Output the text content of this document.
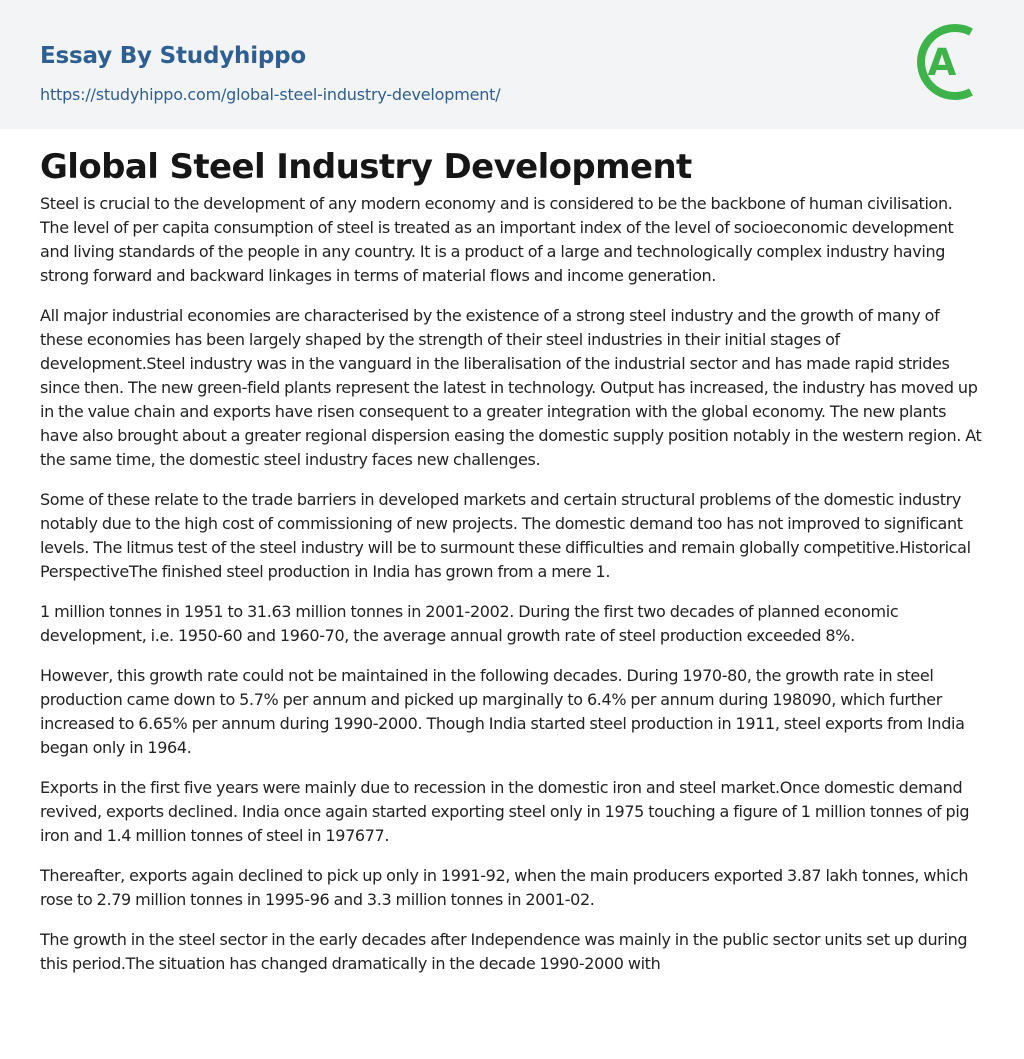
Essay By Studyhippo
https://studyhippo.com/global-steel-industry-development/
A
Global Steel Industry Development

Steel is crucial to the development of any modern economy and is considered to be the backbone of human civilisation. The level of per capita consumption of steel is treated as an important index of the level of socioeconomic development and living standards of the people in any country. It is a product of a large and technologically complex industry having strong forward and backward linkages in terms of material flows and income generation.

All major industrial economies are characterised by the existence of a strong steel industry and the growth of many of these economies has been largely shaped by the strength of their steel industries in their initial stages of development.Steel industry was in the vanguard in the liberalisation of the industrial sector and has made rapid strides since then. The new green-field plants represent the latest in technology. Output has increased, the industry has moved up in the value chain and exports have risen consequent to a greater integration with the global economy. The new plants have also brought about a greater regional dispersion easing the domestic supply position notably in the western region. At the same time, the domestic steel industry faces new challenges.

Some of these relate to the trade barriers in developed markets and certain structural problems of the domestic industry notably due to the high cost of commissioning of new projects. The domestic demand too has not improved to significant levels. The litmus test of the steel industry will be to surmount these difficulties and remain globally competitive.Historical PerspectiveThe finished steel production in India has grown from a mere 1.

1 million tonnes in 1951 to 31.63 million tonnes in 2001-2002. During the first two decades of planned economic development, i.e. 1950-60 and 1960-70, the average annual growth rate of steel production exceeded 8%.

However, this growth rate could not be maintained in the following decades. During 1970-80, the growth rate in steel production came down to 5.7% per annum and picked up marginally to 6.4% per annum during 198090, which further increased to 6.65% per annum during 1990-2000. Though India started steel production in 1911, steel exports from India began only in 1964.

Exports in the first five years were mainly due to recession in the domestic iron and steel market.Once domestic demand revived, exports declined. India once again started exporting steel only in 1975 touching a figure of 1 million tonnes of pig iron and 1.4 million tonnes of steel in 197677.

Thereafter, exports again declined to pick up only in 1991-92, when the main producers exported 3.87 lakh tonnes, which rose to 2.79 million tonnes in 1995-96 and 3.3 million tonnes in 2001-02.

The growth in the steel sector in the early decades after Independence was mainly in the public sector units set up during this period.The situation has changed dramatically in the decade 1990-2000 with
